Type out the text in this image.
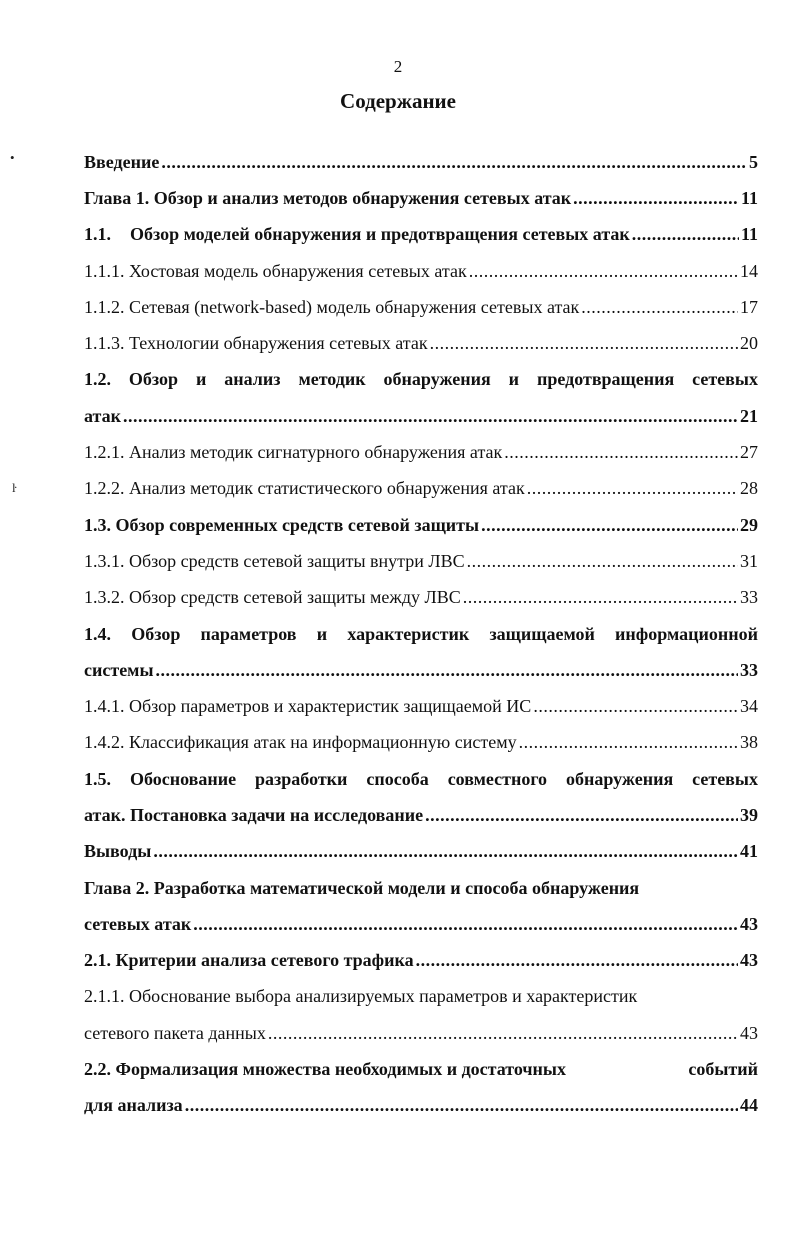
2
Содержание
•
ŀ
Введение .....	5
Глава 1. Обзор и анализ методов обнаружения сетевых атак .....	11
1.1. Обзор моделей обнаружения и предотвращения сетевых атак .....	11
1.1.1. Хостовая модель обнаружения сетевых атак .....	14
1.1.2. Сетевая (network-based) модель обнаружения сетевых атак .....	17
1.1.3. Технологии обнаружения сетевых атак .....	20
1.2. Обзор и анализ методик обнаружения и предотвращения сетевых
атак .....	21
1.2.1. Анализ методик сигнатурного обнаружения атак .....	27
1.2.2. Анализ методик статистического обнаружения атак .....	28
1.3. Обзор современных средств сетевой защиты .....	29
1.3.1. Обзор средств сетевой защиты внутри ЛВС .....	31
1.3.2. Обзор средств сетевой защиты между ЛВС .....	33
1.4. Обзор параметров и характеристик защищаемой информационной
системы .....	33
1.4.1. Обзор параметров и характеристик защищаемой ИС .....	34
1.4.2. Классификация атак на информационную систему .....	38
1.5. Обоснование разработки способа совместного обнаружения сетевых
атак. Постановка задачи на исследование .....	39
Выводы .....	41
Глава 2. Разработка математической модели и способа обнаружения
сетевых атак .....	43
2.1. Критерии анализа сетевого трафика .....	43
2.1.1. Обоснование выбора анализируемых параметров и характеристик
сетевого пакета данных .....	43
2.2. Формализация множества необходимых и достаточных	событий
для анализа .....	44
